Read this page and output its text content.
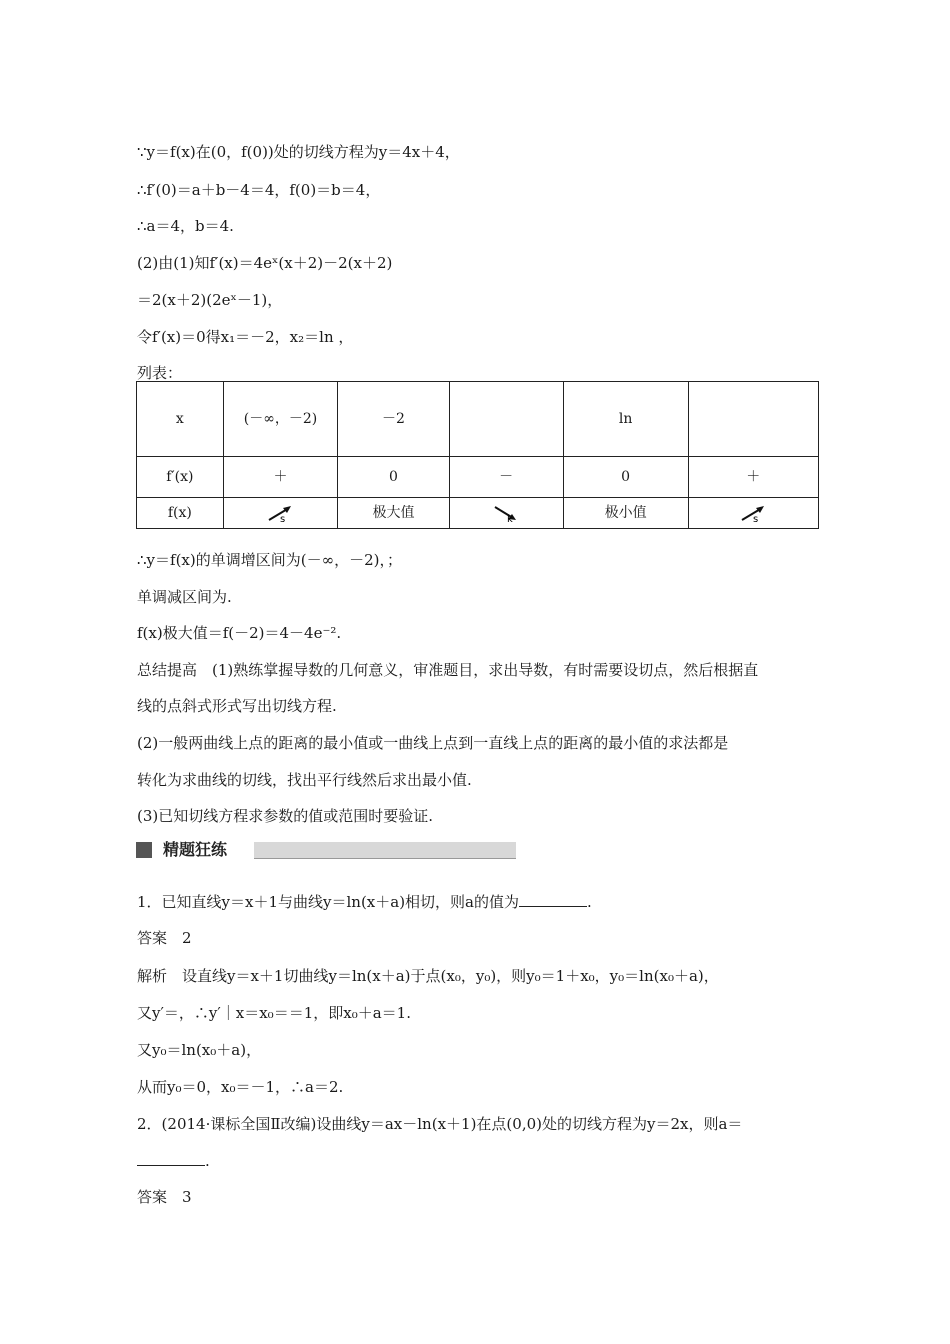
∵y＝f(x)在(0，f(0))处的切线方程为y＝4x＋4，
∴f′(0)＝a＋b－4＝4，f(0)＝b＝4，
∴a＝4，b＝4.
(2)由(1)知f′(x)＝4eˣ(x＋2)－2(x＋2)
＝2(x＋2)(2eˣ－1)，
令f′(x)＝0得x₁＝－2，x₂＝ln ，
列表：
x	(－∞，－2)	－2		ln	
f′(x)	＋	0	－	0	＋
f(x)	s	极大值	k	极小值	s
∴y＝f(x)的单调增区间为(－∞，－2)，；
单调减区间为.
f(x)极大值＝f(－2)＝4－4e⁻².
总结提高　(1)熟练掌握导数的几何意义，审准题目，求出导数，有时需要设切点，然后根据直
线的点斜式形式写出切线方程.
(2)一般两曲线上点的距离的最小值或一曲线上点到一直线上点的距离的最小值的求法都是
转化为求曲线的切线，找出平行线然后求出最小值.
(3)已知切线方程求参数的值或范围时要验证.
精题狂练
1．已知直线y＝x＋1与曲线y＝ln(x＋a)相切，则a的值为	.
答案　2
解析　设直线y＝x＋1切曲线y＝ln(x＋a)于点(x₀，y₀)，则y₀＝1＋x₀，y₀＝ln(x₀＋a)，
又y′＝，∴y′｜x＝x₀＝＝1，即x₀＋a＝1.
又y₀＝ln(x₀＋a)，
从而y₀＝0，x₀＝－1，∴a＝2.
2．(2014·课标全国Ⅱ改编)设曲线y＝ax－ln(x＋1)在点(0,0)处的切线方程为y＝2x，则a＝
.
答案　3
